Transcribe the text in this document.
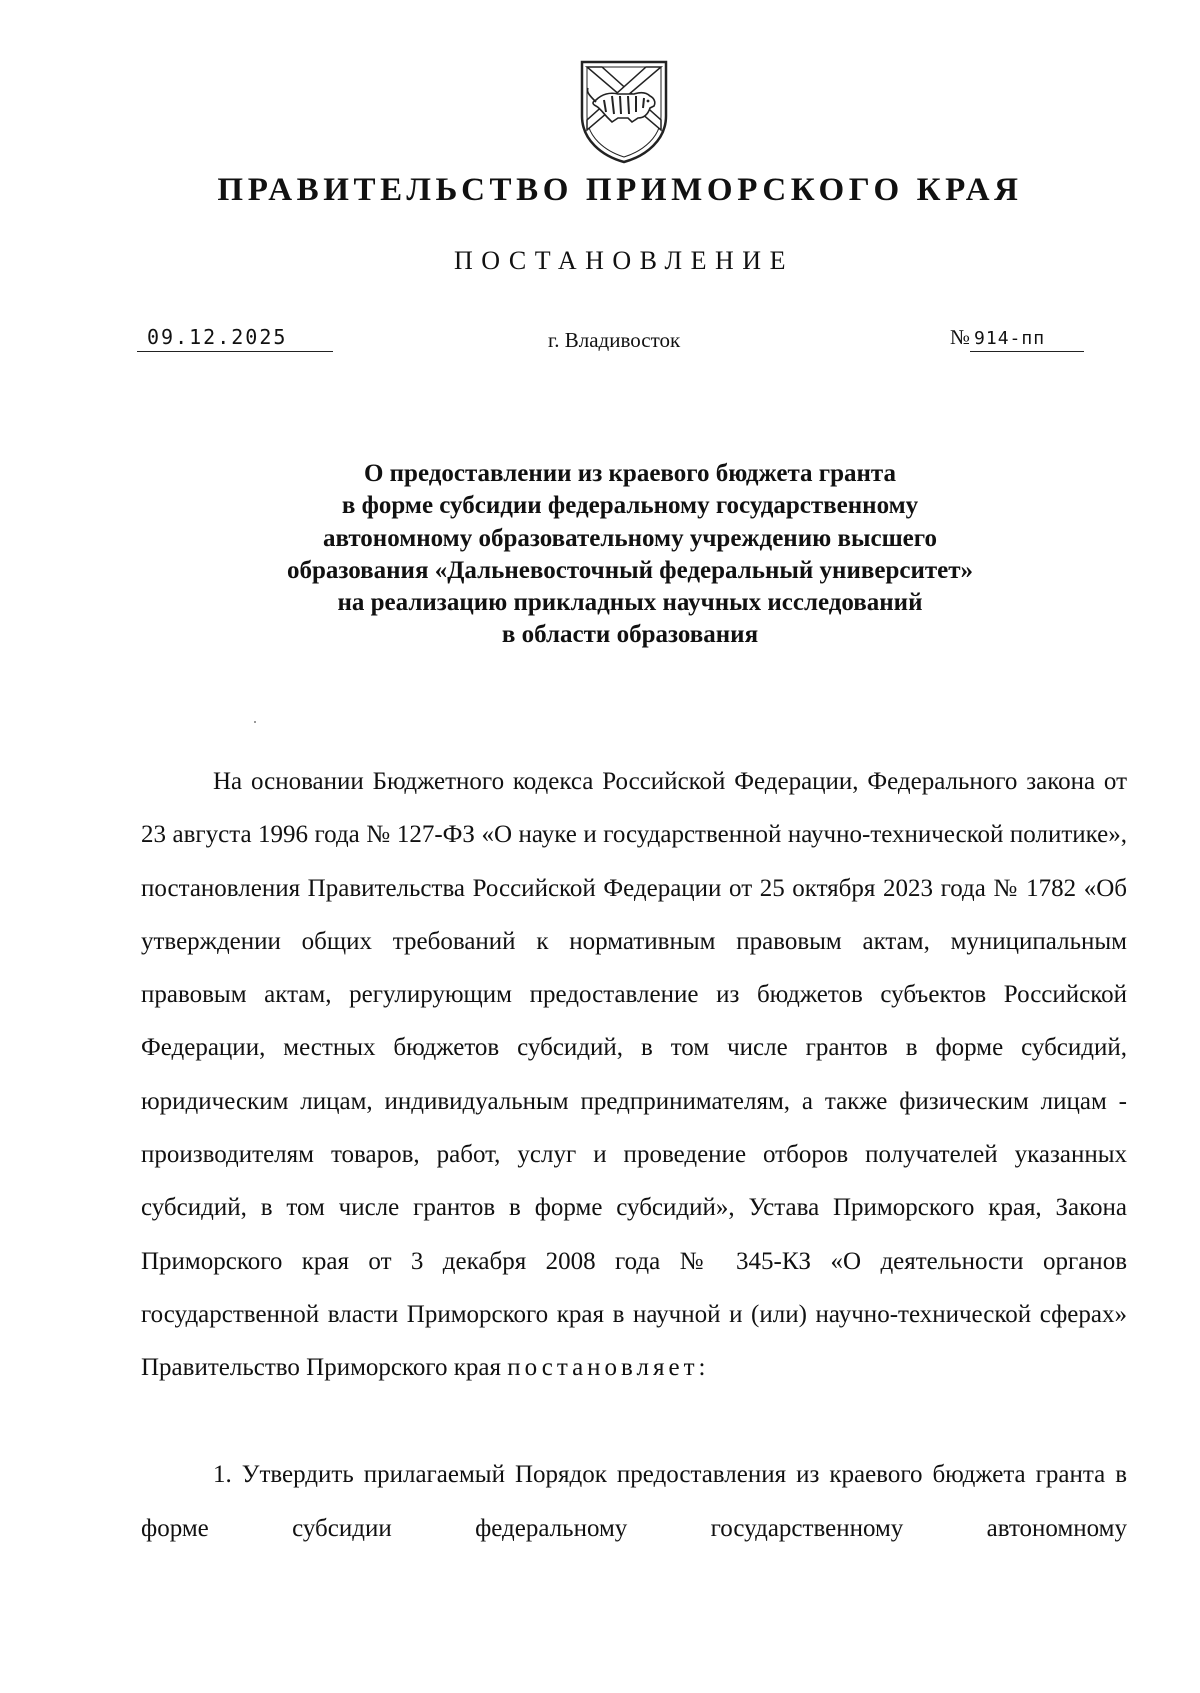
ПРАВИТЕЛЬСТВО ПРИМОРСКОГО КРАЯ
ПОСТАНОВЛЕНИЕ
09.12.2025	г. Владивосток	№ 914-пп
О предоставлении из краевого бюджета гранта
в форме субсидии федеральному государственному
автономному образовательному учреждению высшего
образования «Дальневосточный федеральный университет»
на реализацию прикладных научных исследований
в области образования

На основании Бюджетного кодекса Российской Федерации, Федерального закона от 23 августа 1996 года № 127-ФЗ «О науке и государственной научно-технической политике», постановления Правительства Российской Федерации от 25 октября 2023 года № 1782 «Об утверждении общих требований к нормативным правовым актам, муниципальным правовым актам, регулирующим предоставление из бюджетов субъектов Российской Федерации, местных бюджетов субсидий, в том числе грантов в форме субсидий, юридическим лицам, индивидуальным предпринимателям, а также физическим лицам - производителям товаров, работ, услуг и проведение отборов получателей указанных субсидий, в том числе грантов в форме субсидий», Устава Приморского края, Закона Приморского края от 3 декабря 2008 года № 345-КЗ «О деятельности органов государственной власти Приморского края в научной и (или) научно-технической сферах» Правительство Приморского края постановляет:

1. Утвердить прилагаемый Порядок предоставления из краевого бюджета гранта в форме субсидии федеральному государственному автономному
